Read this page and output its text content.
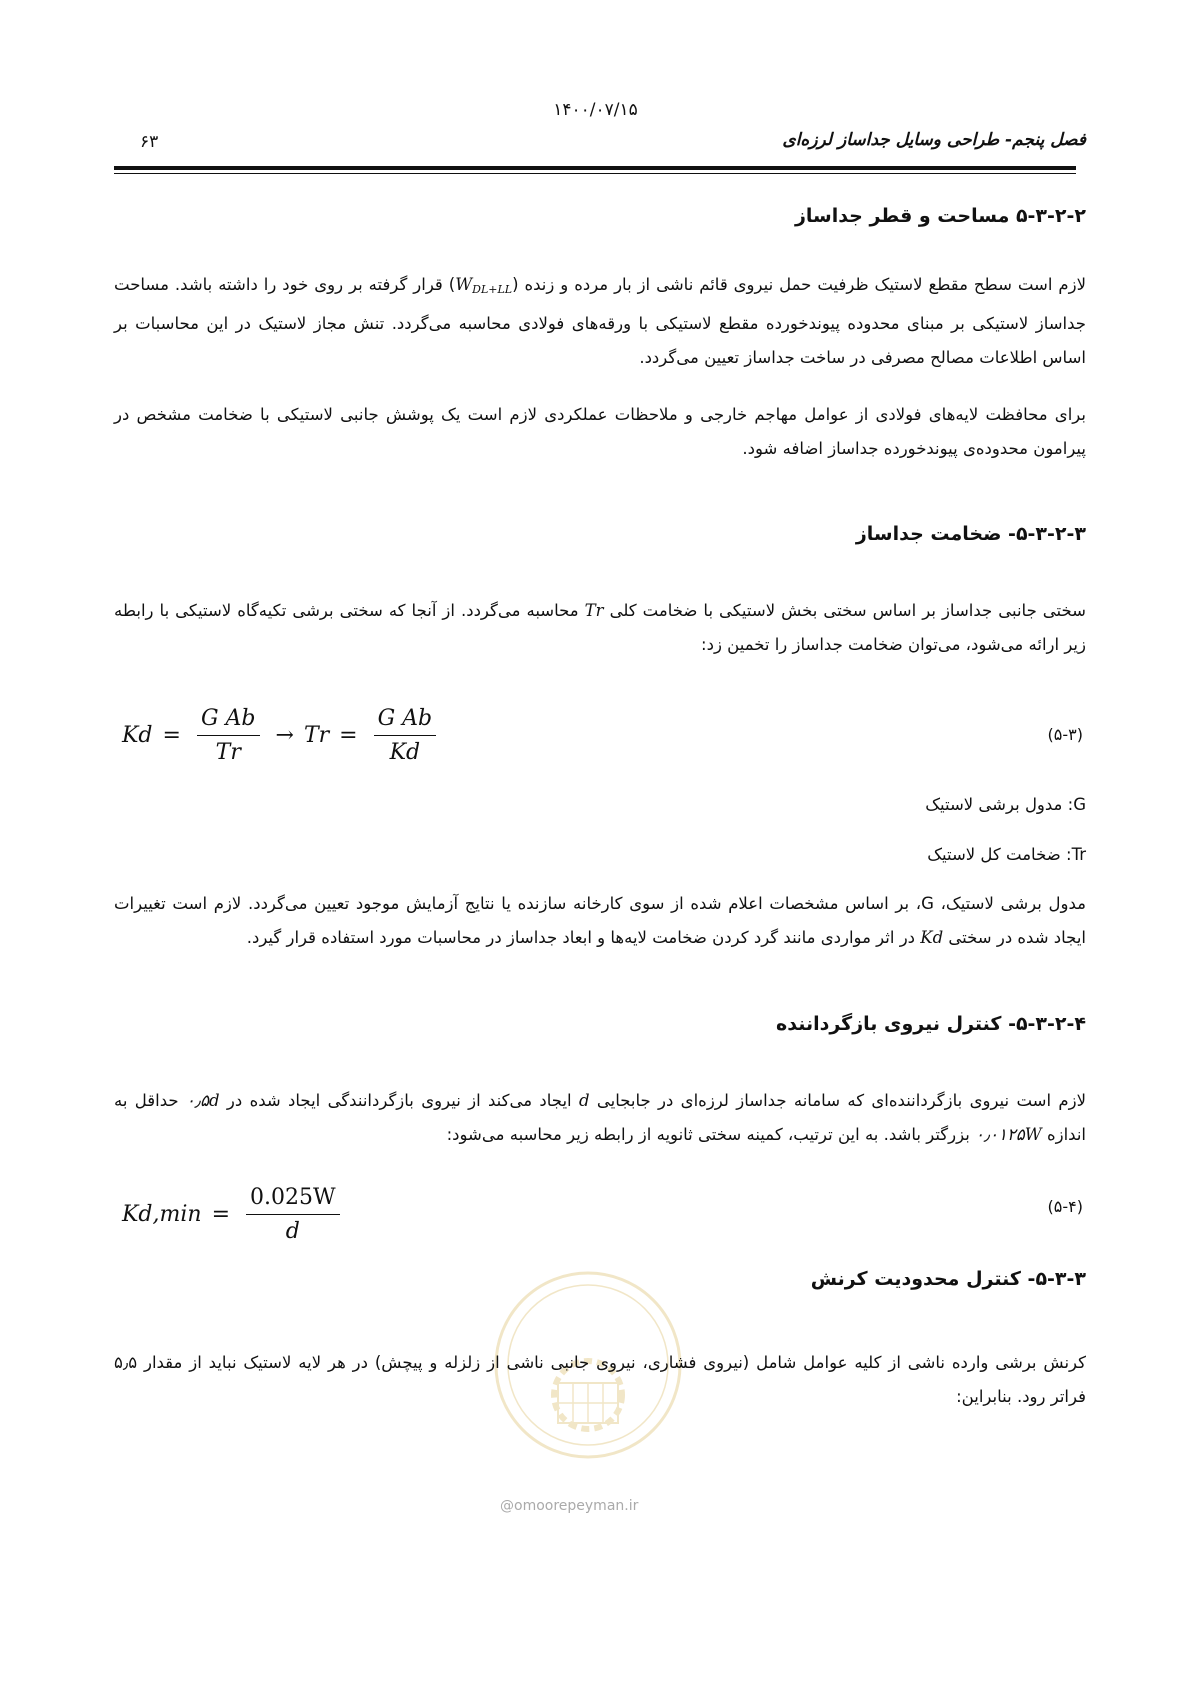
۱۴۰۰/۰۷/۱۵
۶۳	فصل پنجم- طراحی وسایل جداساز لرزه‌ای
۵-۳-۲-۲ مساحت و قطر جداساز
لازم است سطح مقطع لاستیک ظرفیت حمل نیروی قائم ناشی از بار مرده و زنده $(W_{DL+LL})$ قرار گرفته بر روی خود را داشته باشد. مساحت جداساز لاستیکی بر مبنای محدوده پیوندخورده مقطع لاستیکی با ورقه‌های فولادی محاسبه می‌گردد. تنش مجاز لاستیک در این محاسبات بر اساس اطلاعات مصالح مصرفی در ساخت جداساز تعیین می‌گردد.
برای محافظت لایه‌های فولادی از عوامل مهاجم خارجی و ملاحظات عملکردی لازم است یک پوشش جانبی لاستیکی با ضخامت مشخص در پیرامون محدوده‌ی پیوندخورده جداساز اضافه شود.
۵-۳-۲-۳- ضخامت جداساز
سختی جانبی جداساز بر اساس سختی بخش لاستیکی با ضخامت کلی Tr محاسبه می‌گردد. از آنجا که سختی برشی تکیه‌گاه لاستیکی با رابطه زیر ارائه می‌شود، می‌توان ضخامت جداساز را تخمین زد:
$Kd = \frac{\text{G Ab}}{Tr} \to Tr = \frac{\text{G Ab}}{Kd}$	(۵-۳)
G: مدول برشی لاستیک
Tr: ضخامت کل لاستیک
مدول برشی لاستیک، G، بر اساس مشخصات اعلام شده از سوی کارخانه سازنده یا نتایج آزمایش موجود تعیین می‌گردد. لازم است تغییرات ایجاد شده در سختی Kd در اثر مواردی مانند گرد کردن ضخامت لایه‌ها و ابعاد جداساز در محاسبات مورد استفاده قرار گیرد.
۵-۳-۲-۴- کنترل نیروی بازگرداننده
لازم است نیروی بازگرداننده‌ای که سامانه جداساز لرزه‌ای در جابجایی d ایجاد می‌کند از نیروی بازگردانندگی ایجاد شده در ۰٫۵d حداقل به اندازه ۰٫۰۱۲۵W بزرگتر باشد. به این ترتیب، کمینه سختی ثانویه از رابطه زیر محاسبه می‌شود:
$Kd,\min = \frac{0.025W}{d}$	(۵-۴)
@omoorepeyman.ir
۵-۳-۳- کنترل محدودیت کرنش
کرنش برشی وارده ناشی از کلیه عوامل شامل (نیروی فشاری، نیروی جانبی ناشی از زلزله و پیچش) در هر لایه لاستیک نباید از مقدار ۵٫۵ فراتر رود. بنابراین:
